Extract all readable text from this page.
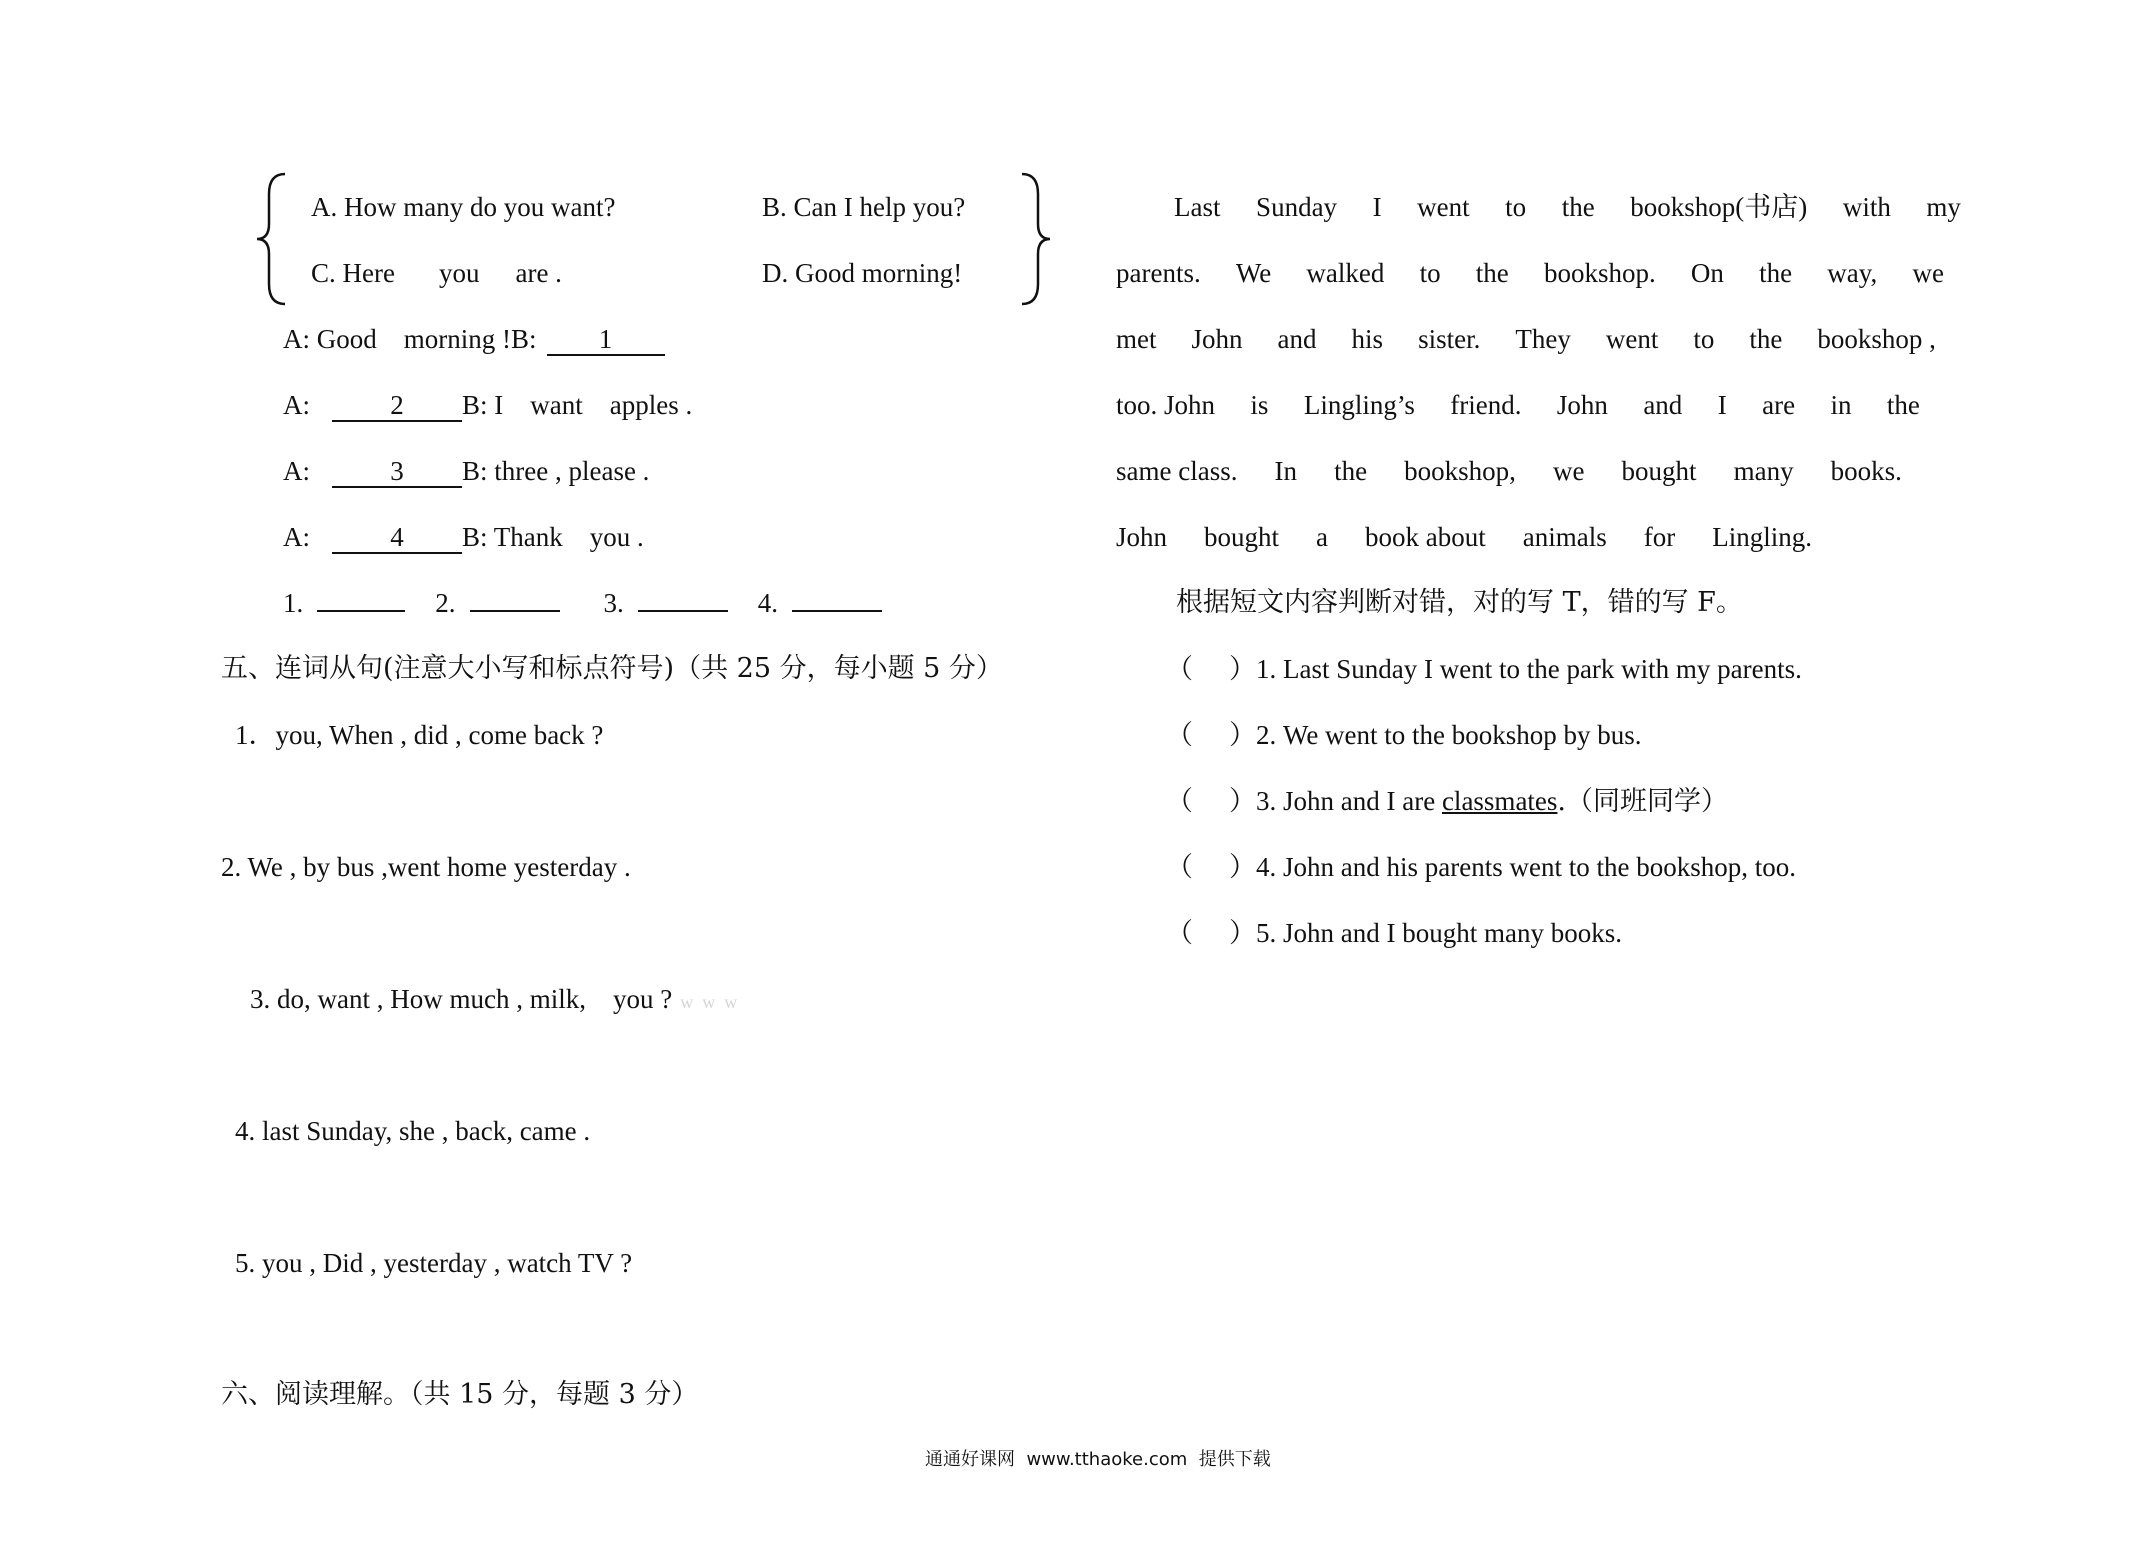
A. How many do you want?	B. Can I help you?
C. Here you are .	D. Good morning!
A: Good    morning !B: 1
A:	2 B: I    want    apples .
A:	3 B: three , please .
A:	4 B: Thank    you .
1.	2.	3.	4.
五、连词从句(注意大小写和标点符号)（共 25 分，每小题 5 分）
1．you, When , did , come back ?
2. We , by bus ,went home yesterday .
3. do, want , How much , milk,    you ? w  w  w
4. last Sunday, she , back, came .
5. you , Did , yesterday , watch TV ?
六、阅读理解。（共 15 分，每题 3 分）
Last Sunday I went to the bookshop(书店) with my
parents. We walked to the bookshop. On the way, we
met John and his sister. They went to the bookshop ,
too. John is Lingling’s friend. John and I are in the
same class. In the bookshop, we bought many books.
John bought a book about animals for Lingling.
根据短文内容判断对错，对的写 T，错的写 F。
（ ）1. Last Sunday I went to the park with my parents.
（ ）2. We went to the bookshop by bus.
（ ）3. John and I are classmates.（同班同学）
（ ）4. John and his parents went to the bookshop, too.
（ ）5. John and I bought many books.
通通好课网  www.tthaoke.com  提供下载
